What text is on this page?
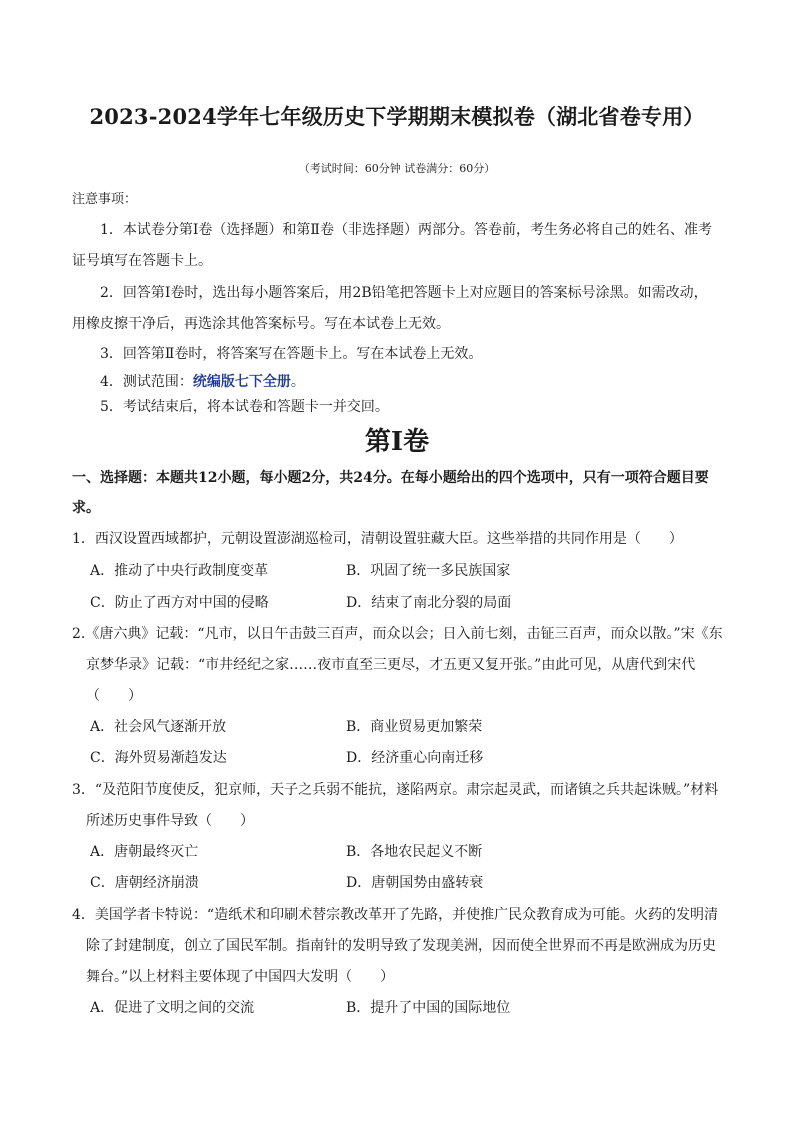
2023-2024学年七年级历史下学期期末模拟卷（湖北省卷专用）
（考试时间：60分钟 试卷满分：60分）
注意事项：
1．本试卷分第Ⅰ卷（选择题）和第Ⅱ卷（非选择题）两部分。答卷前，考生务必将自己的姓名、准考
证号填写在答题卡上。
2．回答第Ⅰ卷时，选出每小题答案后，用2B铅笔把答题卡上对应题目的答案标号涂黑。如需改动，
用橡皮擦干净后，再选涂其他答案标号。写在本试卷上无效。
3．回答第Ⅱ卷时，将答案写在答题卡上。写在本试卷上无效。
4．测试范围：统编版七下全册。
5．考试结束后，将本试卷和答题卡一并交回。
第Ⅰ卷
一、选择题：本题共12小题，每小题2分，共24分。在每小题给出的四个选项中，只有一项符合题目要
求。
1．西汉设置西域都护，元朝设置澎湖巡检司，清朝设置驻藏大臣。这些举措的共同作用是（　　）
A．推动了中央行政制度变革	B．巩固了统一多民族国家
C．防止了西方对中国的侵略	D．结束了南北分裂的局面
2.《唐六典》记载：“凡市，以日午击鼓三百声，而众以会；日入前七刻，击钲三百声，而众以散。”宋《东
京梦华录》记载：“市井经纪之家……夜市直至三更尽，才五更又复开张。”由此可见，从唐代到宋代
（　　）
A．社会风气逐渐开放	B．商业贸易更加繁荣
C．海外贸易渐趋发达	D．经济重心向南迁移
3．“及范阳节度使反，犯京师，天子之兵弱不能抗，遂陷两京。肃宗起灵武，而诸镇之兵共起诛贼。”材料
所述历史事件导致（　　）
A．唐朝最终灭亡	B．各地农民起义不断
C．唐朝经济崩溃	D．唐朝国势由盛转衰
4．美国学者卡特说：“造纸术和印刷术替宗教改革开了先路，并使推广民众教育成为可能。火药的发明清
除了封建制度，创立了国民军制。指南针的发明导致了发现美洲，因而使全世界而不再是欧洲成为历史
舞台。”以上材料主要体现了中国四大发明（　　）
A．促进了文明之间的交流	B．提升了中国的国际地位
